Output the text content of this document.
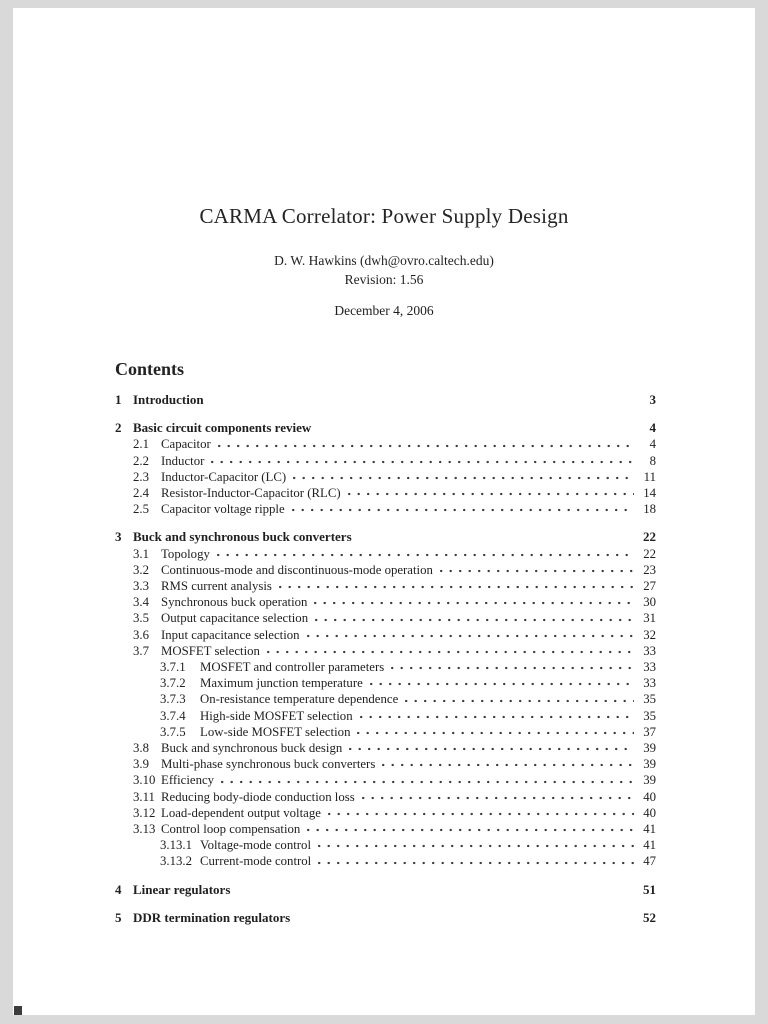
CARMA Correlator: Power Supply Design
D. W. Hawkins (dwh@ovro.caltech.edu)
Revision: 1.56
December 4, 2006
Contents
1 Introduction	3
2 Basic circuit components review	4
2.1 Capacitor	4
2.2 Inductor	8
2.3 Inductor-Capacitor (LC)	11
2.4 Resistor-Inductor-Capacitor (RLC)	14
2.5 Capacitor voltage ripple	18
3 Buck and synchronous buck converters	22
3.1 Topology	22
3.2 Continuous-mode and discontinuous-mode operation	23
3.3 RMS current analysis	27
3.4 Synchronous buck operation	30
3.5 Output capacitance selection	31
3.6 Input capacitance selection	32
3.7 MOSFET selection	33
3.7.1	MOSFET and controller parameters	33
3.7.2	Maximum junction temperature	33
3.7.3	On-resistance temperature dependence	35
3.7.4	High-side MOSFET selection	35
3.7.5	Low-side MOSFET selection	37
3.8 Buck and synchronous buck design	39
3.9 Multi-phase synchronous buck converters	39
3.10 Efficiency	39
3.11 Reducing body-diode conduction loss	40
3.12 Load-dependent output voltage	40
3.13 Control loop compensation	41
3.13.1 Voltage-mode control	41
3.13.2 Current-mode control	47
4 Linear regulators	51
5 DDR termination regulators	52
